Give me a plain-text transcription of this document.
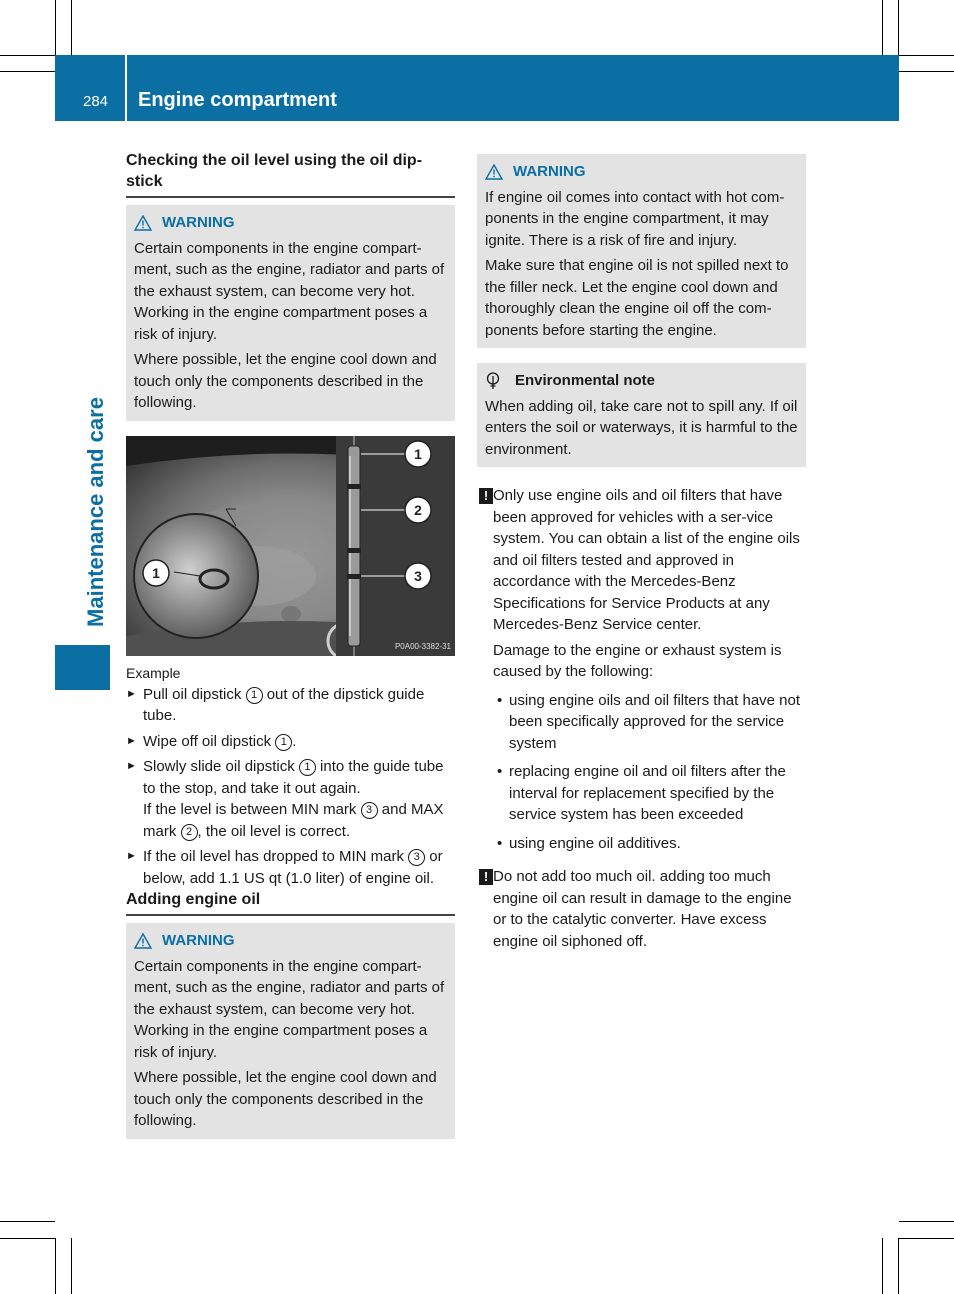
284 Engine compartment
Maintenance and care
Checking the oil level using the oil dip-stick
WARNING

Certain components in the engine compart-ment, such as the engine, radiator and parts of the exhaust system, can become very hot. Working in the engine compartment poses a risk of injury.

Where possible, let the engine cool down and touch only the components described in the following.

1
1
2
3
P0A00-3382-31
Example
► Pull oil dipstick 1 out of the dipstick guide tube.
► Wipe off oil dipstick 1 .
► Slowly slide oil dipstick 1 into the guide tube to the stop, and take it out again.
If the level is between MIN mark 3 and MAX mark 2 , the oil level is correct.
► If the oil level has dropped to MIN mark 3 or below, add 1.1 US qt (1.0 liter) of engine oil.
Adding engine oil
WARNING

Certain components in the engine compart-ment, such as the engine, radiator and parts of the exhaust system, can become very hot. Working in the engine compartment poses a risk of injury.

Where possible, let the engine cool down and touch only the components described in the following.

WARNING

If engine oil comes into contact with hot com-ponents in the engine compartment, it may ignite. There is a risk of fire and injury.

Make sure that engine oil is not spilled next to the filler neck. Let the engine cool down and thoroughly clean the engine oil off the com-ponents before starting the engine.

Environmental note

When adding oil, take care not to spill any. If oil enters the soil or waterways, it is harmful to the environment.

! Only use engine oils and oil filters that have been approved for vehicles with a ser-vice system. You can obtain a list of the engine oils and oil filters tested and approved in accordance with the Mercedes-Benz Specifications for Service Products at any Mercedes-Benz Service center.

Damage to the engine or exhaust system is caused by the following:

• using engine oils and oil filters that have not been specifically approved for the service system
• replacing engine oil and oil filters after the interval for replacement specified by the service system has been exceeded
• using engine oil additives.
! Do not add too much oil. adding too much engine oil can result in damage to the engine or to the catalytic converter. Have excess engine oil siphoned off.
